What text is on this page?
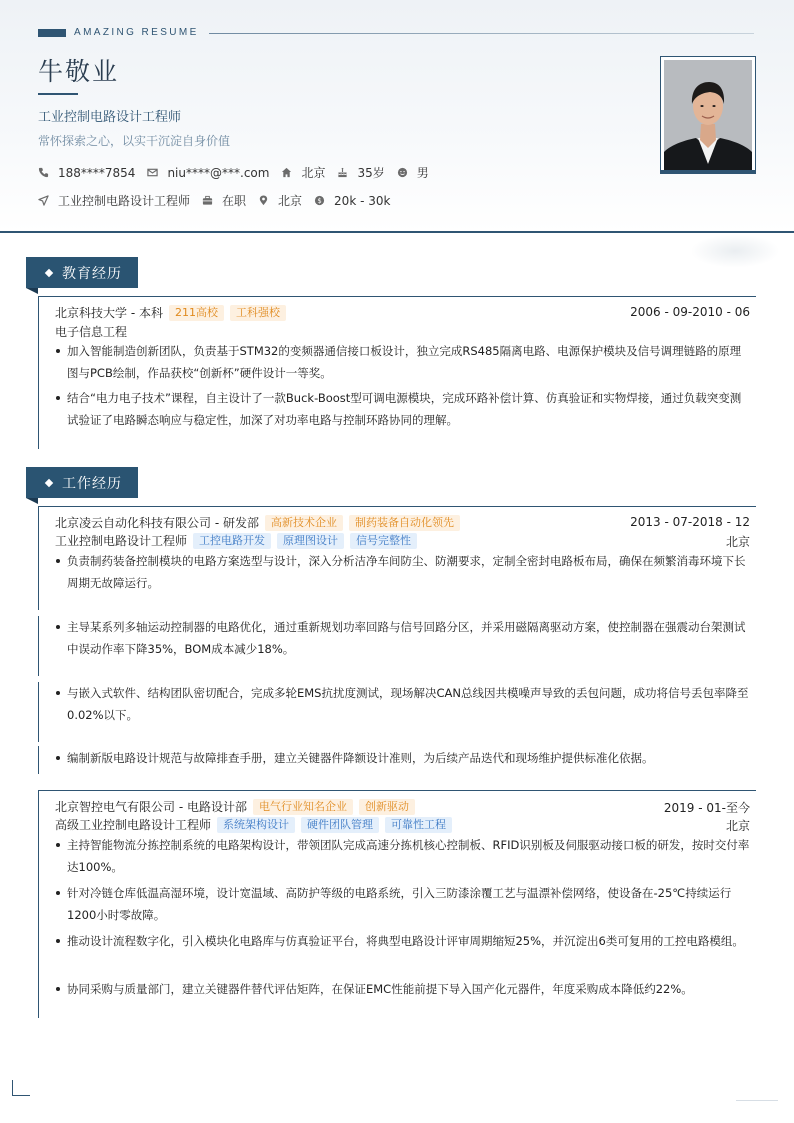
AMAZING RESUME
牛敬业
工业控制电路设计工程师
常怀探索之心，以实干沉淀自身价值
188****7854	niu****@***.com	北京	35岁	男
工业控制电路设计工程师	在职	北京 $ 20k - 30k
教育经历
北京科技大学 - 本科	211高校	工科强校	2006 - 09-2010 - 06
电子信息工程
加入智能制造创新团队，负责基于STM32的变频器通信接口板设计，独立完成RS485隔离电路、电源保护模块及信号调理链路的原理图与PCB绘制，作品获校“创新杯”硬件设计一等奖。
结合“电力电子技术”课程，自主设计了一款Buck-Boost型可调电源模块，完成环路补偿计算、仿真验证和实物焊接，通过负载突变测试验证了电路瞬态响应与稳定性，加深了对功率电路与控制环路协同的理解。
工作经历
北京凌云自动化科技有限公司 - 研发部	高新技术企业	制药装备自动化领先	2013 - 07-2018 - 12
工业控制电路设计工程师	工控电路开发	原理图设计	信号完整性	北京
负责制药装备控制模块的电路方案选型与设计，深入分析洁净车间防尘、防潮要求，定制全密封电路板布局，确保在频繁消毒环境下长周期无故障运行。
主导某系列多轴运动控制器的电路优化，通过重新规划功率回路与信号回路分区，并采用磁隔离驱动方案，使控制器在强震动台架测试中误动作率下降35%，BOM成本减少18%。
与嵌入式软件、结构团队密切配合，完成多轮EMS抗扰度测试，现场解决CAN总线因共模噪声导致的丢包问题，成功将信号丢包率降至0.02%以下。
编制新版电路设计规范与故障排查手册，建立关键器件降额设计准则，为后续产品迭代和现场维护提供标准化依据。
北京智控电气有限公司 - 电路设计部	电气行业知名企业	创新驱动	2019 - 01-至今
高级工业控制电路设计工程师	系统架构设计	硬件团队管理	可靠性工程	北京
主持智能物流分拣控制系统的电路架构设计，带领团队完成高速分拣机核心控制板、RFID识别板及伺服驱动接口板的研发，按时交付率达100%。
针对冷链仓库低温高湿环境，设计宽温域、高防护等级的电路系统，引入三防漆涂覆工艺与温漂补偿网络，使设备在-25℃持续运行1200小时零故障。
推动设计流程数字化，引入模块化电路库与仿真验证平台，将典型电路设计评审周期缩短25%，并沉淀出6类可复用的工控电路模组。
协同采购与质量部门，建立关键器件替代评估矩阵，在保证EMC性能前提下导入国产化元器件，年度采购成本降低约22%。
